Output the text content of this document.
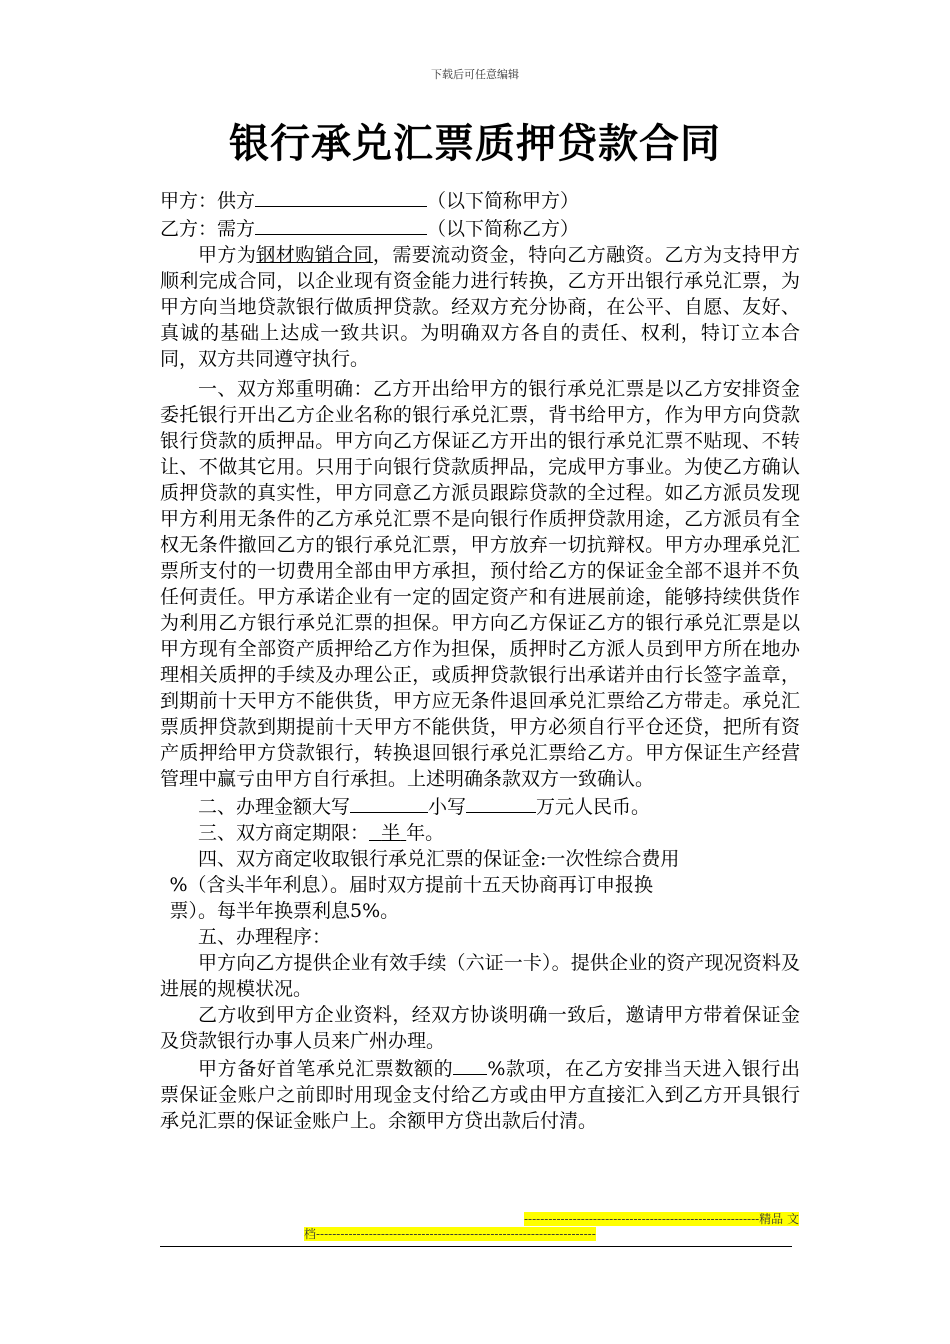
下载后可任意编辑
银行承兑汇票质押贷款合同

甲方：供方	（以下简称甲方）

乙方：需方	（以下简称乙方）

甲方为钢材购销合同，需要流动资金，特向乙方融资。乙方为支持甲方顺利完成合同，以企业现有资金能力进行转换，乙方开出银行承兑汇票，为甲方向当地贷款银行做质押贷款。经双方充分协商，在公平、自愿、友好、真诚的基础上达成一致共识。为明确双方各自的责任、权利，特订立本合同，双方共同遵守执行。

一、双方郑重明确：乙方开出给甲方的银行承兑汇票是以乙方安排资金委托银行开出乙方企业名称的银行承兑汇票，背书给甲方，作为甲方向贷款银行贷款的质押品。甲方向乙方保证乙方开出的银行承兑汇票不贴现、不转让、不做其它用。只用于向银行贷款质押品，完成甲方事业。为使乙方确认质押贷款的真实性，甲方同意乙方派员跟踪贷款的全过程。如乙方派员发现甲方利用无条件的乙方承兑汇票不是向银行作质押贷款用途，乙方派员有全权无条件撤回乙方的银行承兑汇票，甲方放弃一切抗辩权。甲方办理承兑汇票所支付的一切费用全部由甲方承担，预付给乙方的保证金全部不退并不负任何责任。甲方承诺企业有一定的固定资产和有进展前途，能够持续供货作为利用乙方银行承兑汇票的担保。甲方向乙方保证乙方的银行承兑汇票是以甲方现有全部资产质押给乙方作为担保，质押时乙方派人员到甲方所在地办理相关质押的手续及办理公正，或质押贷款银行出承诺并由行长签字盖章，到期前十天甲方不能供货，甲方应无条件退回承兑汇票给乙方带走。承兑汇票质押贷款到期提前十天甲方不能供货，甲方必须自行平仓还贷，把所有资产质押给甲方贷款银行，转换退回银行承兑汇票给乙方。甲方保证生产经营管理中赢亏由甲方自行承担。上述明确条款双方一致确认。

二、办理金额大写	小写	万元人民币。

三、双方商定期限： 半 年。

四、双方商定收取银行承兑汇票的保证金:一次性综合费用

%（含头半年利息）。届时双方提前十五天协商再订申报换

票）。每半年换票利息5%。

五、办理程序：

甲方向乙方提供企业有效手续（六证一卡）。提供企业的资产现况资料及进展的规模状况。

乙方收到甲方企业资料，经双方协谈明确一致后，邀请甲方带着保证金及贷款银行办事人员来广州办理。

甲方备好首笔承兑汇票数额的 %款项，在乙方安排当天进入银行出票保证金账户之前即时用现金支付给乙方或由甲方直接汇入到乙方开具银行承兑汇票的保证金账户上。余额甲方贷出款后付清。

----------------------------------------------------------精品 文
档---------------------------------------------------------------------
